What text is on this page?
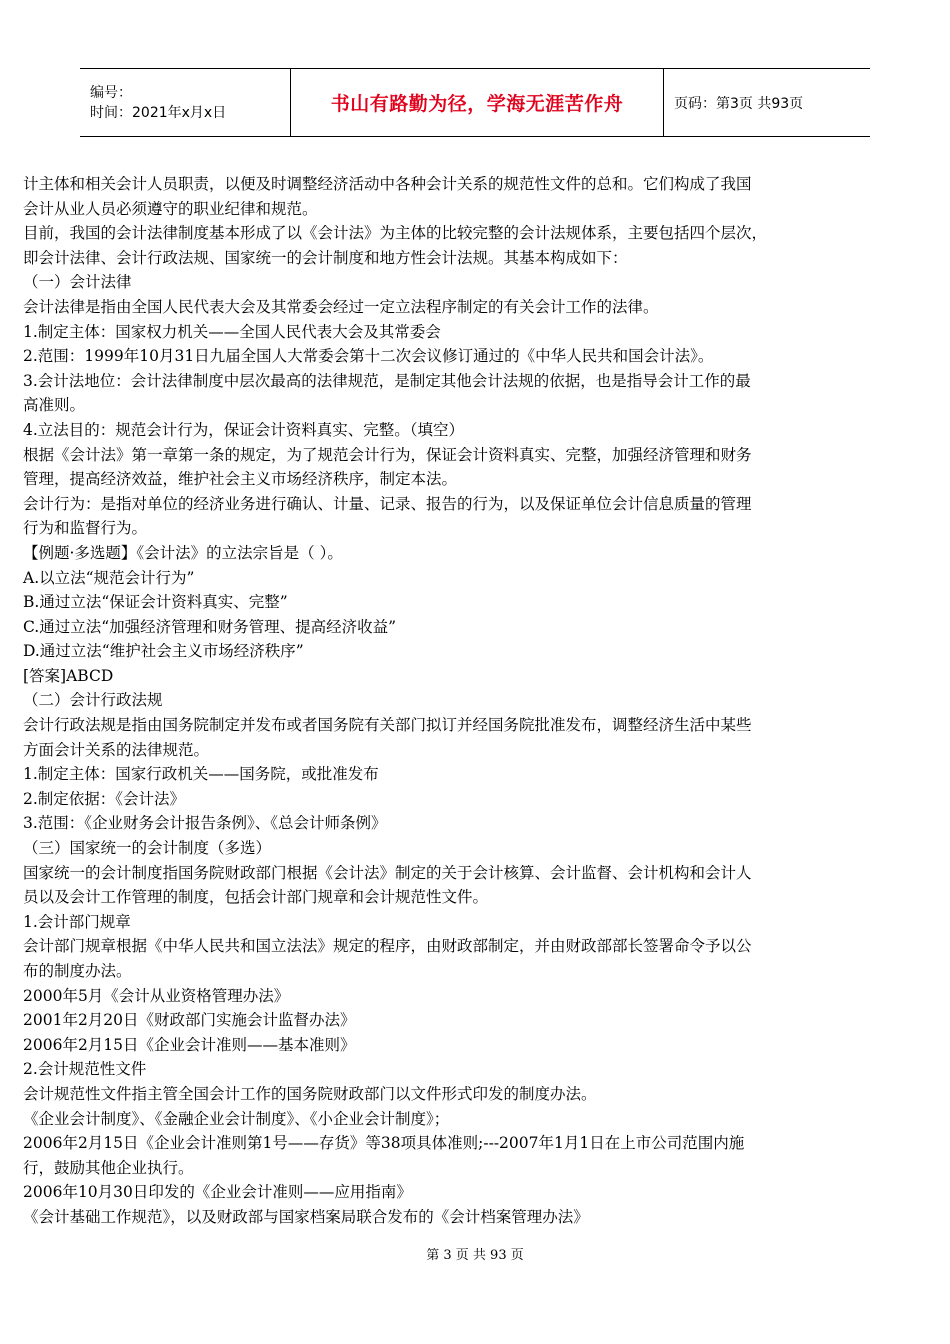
编号：
时间：2021年x月x日	书山有路勤为径，学海无涯苦作舟	页码：第3页 共93页

计主体和相关会计人员职责，以便及时调整经济活动中各种会计关系的规范性文件的总和。它们构成了我国

会计从业人员必须遵守的职业纪律和规范。

目前，我国的会计法律制度基本形成了以《会计法》为主体的比较完整的会计法规体系，主要包括四个层次，

即会计法律、会计行政法规、国家统一的会计制度和地方性会计法规。其基本构成如下：

（一）会计法律

会计法律是指由全国人民代表大会及其常委会经过一定立法程序制定的有关会计工作的法律。

1.制定主体：国家权力机关——全国人民代表大会及其常委会

2.范围：1999年10月31日九届全国人大常委会第十二次会议修订通过的《中华人民共和国会计法》。

3.会计法地位：会计法律制度中层次最高的法律规范，是制定其他会计法规的依据，也是指导会计工作的最

高准则。

4.立法目的：规范会计行为，保证会计资料真实、完整。（填空）

根据《会计法》第一章第一条的规定，为了规范会计行为，保证会计资料真实、完整，加强经济管理和财务

管理，提高经济效益，维护社会主义市场经济秩序，制定本法。

会计行为：是指对单位的经济业务进行确认、计量、记录、报告的行为，以及保证单位会计信息质量的管理

行为和监督行为。

【例题·多选题】《会计法》的立法宗旨是（ ）。

A.以立法“规范会计行为”

B.通过立法“保证会计资料真实、完整”

C.通过立法“加强经济管理和财务管理、提高经济收益”

D.通过立法“维护社会主义市场经济秩序”

[答案]ABCD

（二）会计行政法规

会计行政法规是指由国务院制定并发布或者国务院有关部门拟订并经国务院批准发布，调整经济生活中某些

方面会计关系的法律规范。

1.制定主体：国家行政机关——国务院，或批准发布

2.制定依据：《会计法》

3.范围：《企业财务会计报告条例》、《总会计师条例》

（三）国家统一的会计制度（多选）

国家统一的会计制度指国务院财政部门根据《会计法》制定的关于会计核算、会计监督、会计机构和会计人

员以及会计工作管理的制度，包括会计部门规章和会计规范性文件。

1.会计部门规章

会计部门规章根据《中华人民共和国立法法》规定的程序，由财政部制定，并由财政部部长签署命令予以公

布的制度办法。

2000年5月《会计从业资格管理办法》

2001年2月20日《财政部门实施会计监督办法》

2006年2月15日《企业会计准则——基本准则》

2.会计规范性文件

会计规范性文件指主管全国会计工作的国务院财政部门以文件形式印发的制度办法。

《企业会计制度》、《金融企业会计制度》、《小企业会计制度》；

2006年2月15日《企业会计准则第1号——存货》等38项具体准则;---2007年1月1日在上市公司范围内施

行，鼓励其他企业执行。

2006年10月30日印发的《企业会计准则——应用指南》

《会计基础工作规范》，以及财政部与国家档案局联合发布的《会计档案管理办法》

第 3 页 共 93 页
